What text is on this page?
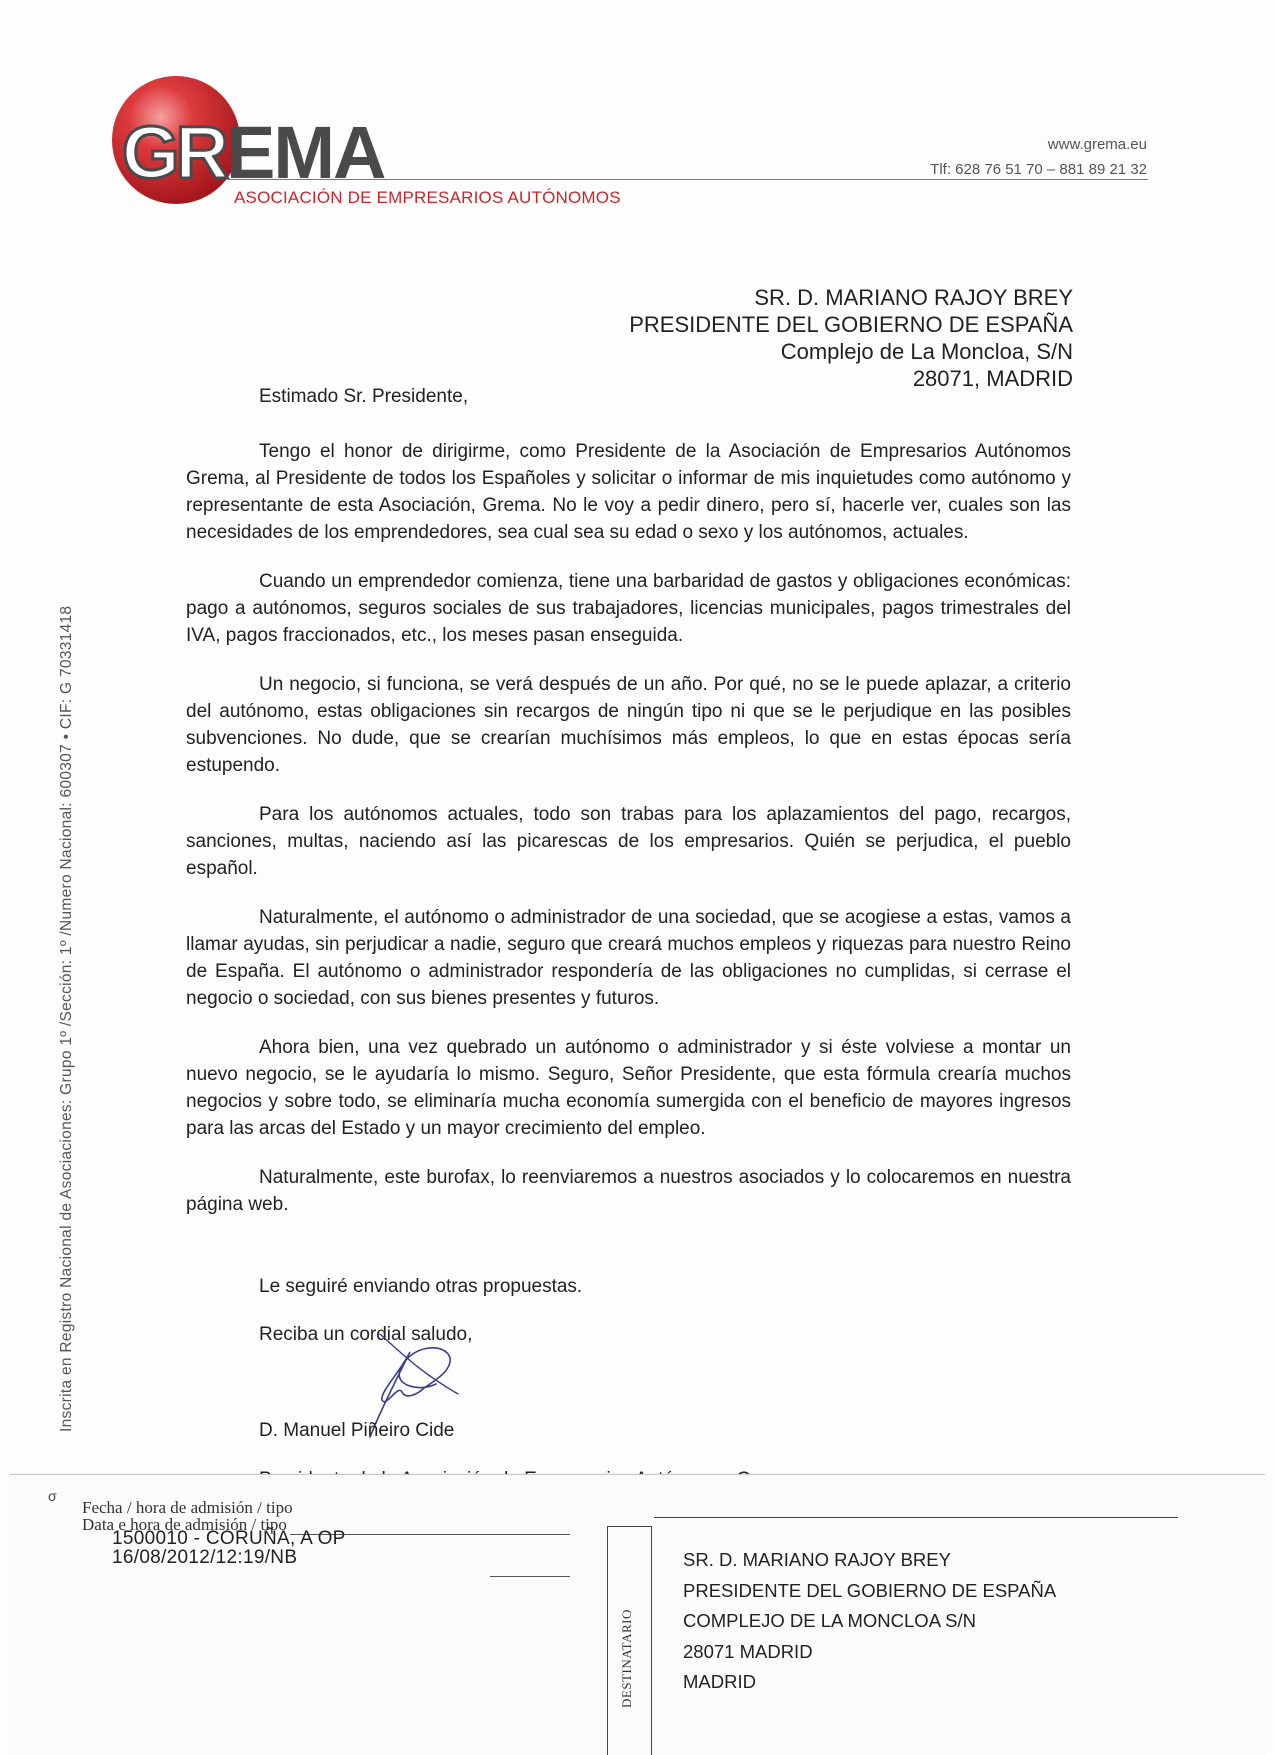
GR EMA
ASOCIACIÓN DE EMPRESARIOS AUTÓNOMOS
www.grema.eu
Tlf: 628 76 51 70 – 881 89 21 32
Inscrita en Registro Nacional de Asociaciones: Grupo 1º /Sección: 1º /Numero Nacional: 600307 • CIF: G 70331418
SR. D. MARIANO RAJOY BREY
PRESIDENTE DEL GOBIERNO DE ESPAÑA
Complejo de La Moncloa, S/N
28071, MADRID
Estimado Sr. Presidente,

Tengo el honor de dirigirme, como Presidente de la Asociación de Empresarios Autónomos Grema, al Presidente de todos los Españoles y solicitar o informar de mis inquietudes como autónomo y representante de esta Asociación, Grema. No le voy a pedir dinero, pero sí, hacerle ver, cuales son las necesidades de los emprendedores, sea cual sea su edad o sexo y los autónomos, actuales.

Cuando un emprendedor comienza, tiene una barbaridad de gastos y obligaciones económicas: pago a autónomos, seguros sociales de sus trabajadores, licencias municipales, pagos trimestrales del IVA, pagos fraccionados, etc., los meses pasan enseguida.

Un negocio, si funciona, se verá después de un año. Por qué, no se le puede aplazar, a criterio del autónomo, estas obligaciones sin recargos de ningún tipo ni que se le perjudique en las posibles subvenciones. No dude, que se crearían muchísimos más empleos, lo que en estas épocas sería estupendo.

Para los autónomos actuales, todo son trabas para los aplazamientos del pago, recargos, sanciones, multas, naciendo así las picarescas de los empresarios. Quién se perjudica, el pueblo español.

Naturalmente, el autónomo o administrador de una sociedad, que se acogiese a estas, vamos a llamar ayudas, sin perjudicar a nadie, seguro que creará muchos empleos y riquezas para nuestro Reino de España. El autónomo o administrador respondería de las obligaciones no cumplidas, si cerrase el negocio o sociedad, con sus bienes presentes y futuros.

Ahora bien, una vez quebrado un autónomo o administrador y si éste volviese a montar un nuevo negocio, se le ayudaría lo mismo. Seguro, Señor Presidente, que esta fórmula crearía muchos negocios y sobre todo, se eliminaría mucha economía sumergida con el beneficio de mayores ingresos para las arcas del Estado y un mayor crecimiento del empleo.

Naturalmente, este burofax, lo reenviaremos a nuestros asociados y lo colocaremos en nuestra página web.

Le seguiré enviando otras propuestas.
Reciba un cordial saludo,
D. Manuel Piñeiro Cide
σ
Fecha / hora de admisión / tipo
Data e hora de admisión / tipo
1500010 - CORUÑA, A OP
16/08/2012/12:19/NB
DESTINATARIO
SR. D. MARIANO RAJOY BREY
PRESIDENTE DEL GOBIERNO DE ESPAÑA
COMPLEJO DE LA MONCLOA S/N
28071 MADRID
MADRID
